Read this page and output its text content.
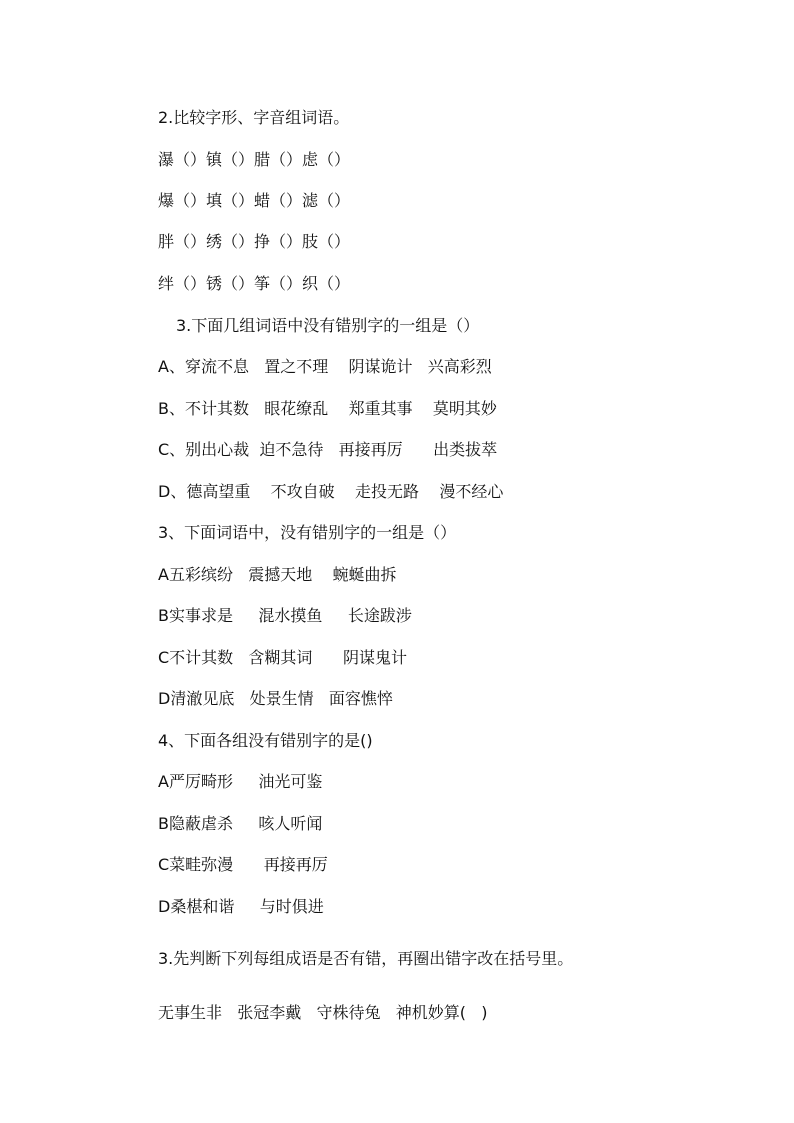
2.比较字形、字音组词语。
瀑（）镇（）腊（）虑（）
爆（）填（）蜡（）滤（）
胖（）绣（）挣（）肢（）
绊（）锈（）筝（）织（）
3.下面几组词语中没有错别字的一组是（）
A、穿流不息   置之不理    阴谋诡计   兴高彩烈
B、不计其数   眼花缭乱    郑重其事    莫明其妙
C、别出心裁  迫不急待   再接再厉      出类拔萃
D、德高望重    不攻自破    走投无路    漫不经心
3、下面词语中，没有错别字的一组是（）
A五彩缤纷   震撼天地    蜿蜒曲拆
B实事求是     混水摸鱼     长途跋涉
C不计其数   含糊其词      阴谋鬼计
D清澈见底   处景生情   面容憔悴
4、下面各组没有错别字的是()
A严厉畸形     油光可鉴
B隐蔽虐杀     咳人听闻
C菜畦弥漫      再接再厉
D桑椹和谐     与时俱进
3.先判断下列每组成语是否有错，再圈出错字改在括号里。
无事生非   张冠李戴   守株待兔   神机妙算(   )
